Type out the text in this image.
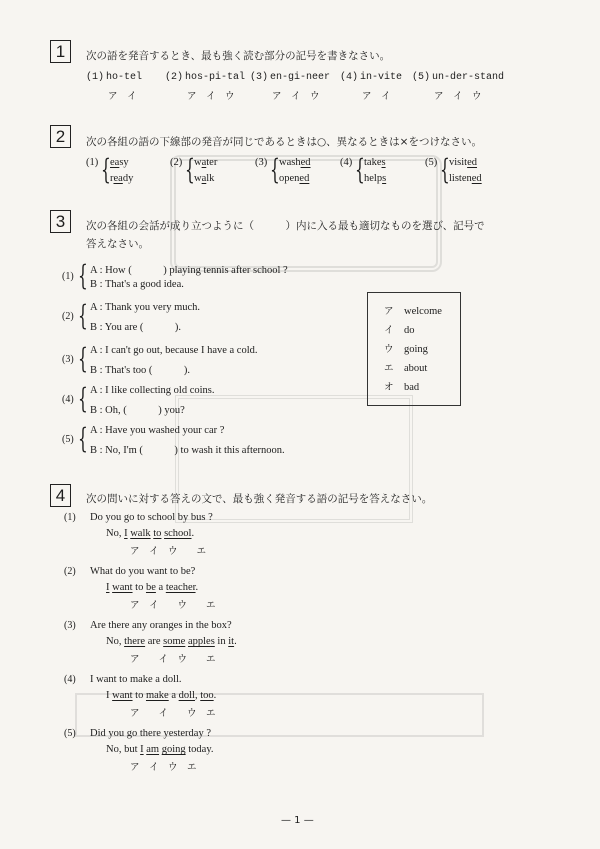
1	次の語を発音するとき、最も強く読む部分の記号を書きなさい。
(1) ho-tel
ア　イ
(2) hos-pi-tal
ア　イ　ウ
(3) en-gi-neer
ア　イ　ウ
(4) in-vite
ア　イ
(5) un-der-stand
ア　イ　ウ
2	次の各組の語の下線部の発音が同じであるときは○、異なるときは×をつけなさい。
(1) { easy
ready
(2) { water
walk
(3) { washed
opened
(4) { takes
helps
(5) { visited
listened
3	次の各組の会話が成り立つように（　　　）内に入る最も適切なものを選び、記号で
答えなさい。
(1) { A : How (　　　) playing tennis after school ?
B : That's a good idea.
(2) { A : Thank you very much.
B : You are (　　　).
(3) { A : I can't go out, because I have a cold.
B : That's too (　　　).
(4) { A : I like collecting old coins.
B : Oh, (　　　) you?
(5) { A : Have you washed your car ?
B : No, I'm (　　　) to wash it this afternoon.
ア welcome
イ do
ウ going
エ about
オ bad
4	次の問いに対する答えの文で、最も強く発音する語の記号を答えなさい。
(1) Do you go to school by bus ?
No, I walk to school.
ア　イ　ウ　　エ
(2) What do you want to be?
I want to be a teacher.
ア　イ　　ウ　　エ
(3) Are there any oranges in the box?
No, there are some apples in it.
ア　　イ　ウ　　エ
(4) I want to make a doll.
I want to make a doll, too.
ア　　イ　　ウ　エ
(5) Did you go there yesterday ?
No, but I am going today.
ア　イ　ウ　エ
— 1 —
